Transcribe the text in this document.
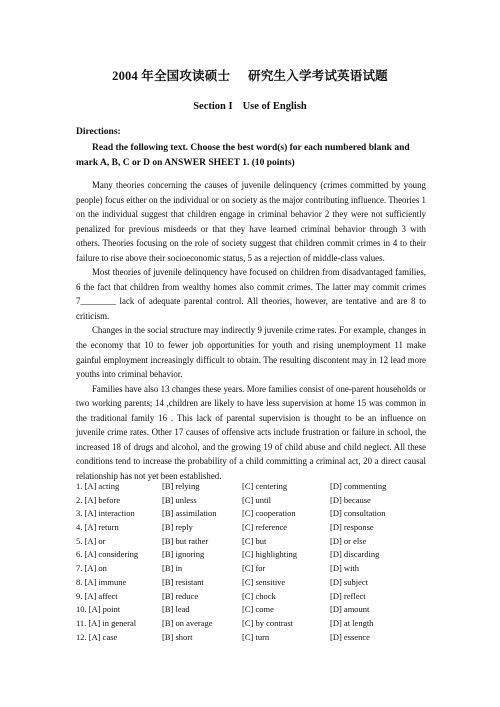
2004 年全国攻读硕士 研究生入学考试英语试题
Section I Use of English
Directions:
Read the following text. Choose the best word(s) for each numbered blank and mark A, B, C or D on ANSWER SHEET 1. (10 points)

Many theories concerning the causes of juvenile delinquency (crimes committed by young people) focus either on the individual or on society as the major contributing influence. Theories 1 on the individual suggest that children engage in criminal behavior 2 they were not sufficiently penalized for previous misdeeds or that they have learned criminal behavior through 3 with others. Theories focusing on the role of society suggest that children commit crimes in 4 to their failure to rise above their socioeconomic status, 5 as a rejection of middle-class values.

Most theories of juvenile delinquency have focused on children from disadvantaged families, 6 the fact that children from wealthy homes also commit crimes. The latter may commit crimes 7________ lack of adequate parental control. All theories, however, are tentative and are 8 to criticism.

Changes in the social structure may indirectly 9 juvenile crime rates. For example, changes in the economy that 10 to fewer job opportunities for youth and rising unemployment 11 make gainful employment increasingly difficult to obtain. The resulting discontent may in 12 lead more youths into criminal behavior.

Families have also 13 changes these years. More families consist of one-parent households or two working parents; 14 ,children are likely to have less supervision at home 15 was common in the traditional family 16 . This lack of parental supervision is thought to be an influence on juvenile crime rates. Other 17 causes of offensive acts include frustration or failure in school, the increased 18 of drugs and alcohol, and the growing 19 of child abuse and child neglect. All these conditions tend to increase the probability of a child committing a criminal act, 20 a direct causal relationship has not yet been established.

1. [A] acting	[B] relying	[C] centering	[D] commenting
2. [A] before	[B] unless	[C] until	[D] because
3. [A] interaction	[B] assimilation	[C] cooperation	[D] consultation
4. [A] return	[B] reply	[C] reference	[D] response
5. [A] or	[B] but rather	[C] but	[D] or else
6. [A] considering	[B] ignoring	[C] highlighting	[D] discarding
7. [A] on	[B] in	[C] for	[D] with
8. [A] immune	[B] resistant	[C] sensitive	[D] subject
9. [A] affect	[B] reduce	[C] chock	[D] reflect
10. [A] point	[B] lead	[C] come	[D] amount
11. [A] in general	[B] on average	[C] by contrast	[D] at length
12. [A] case	[B] short	[C] turn	[D] essence
